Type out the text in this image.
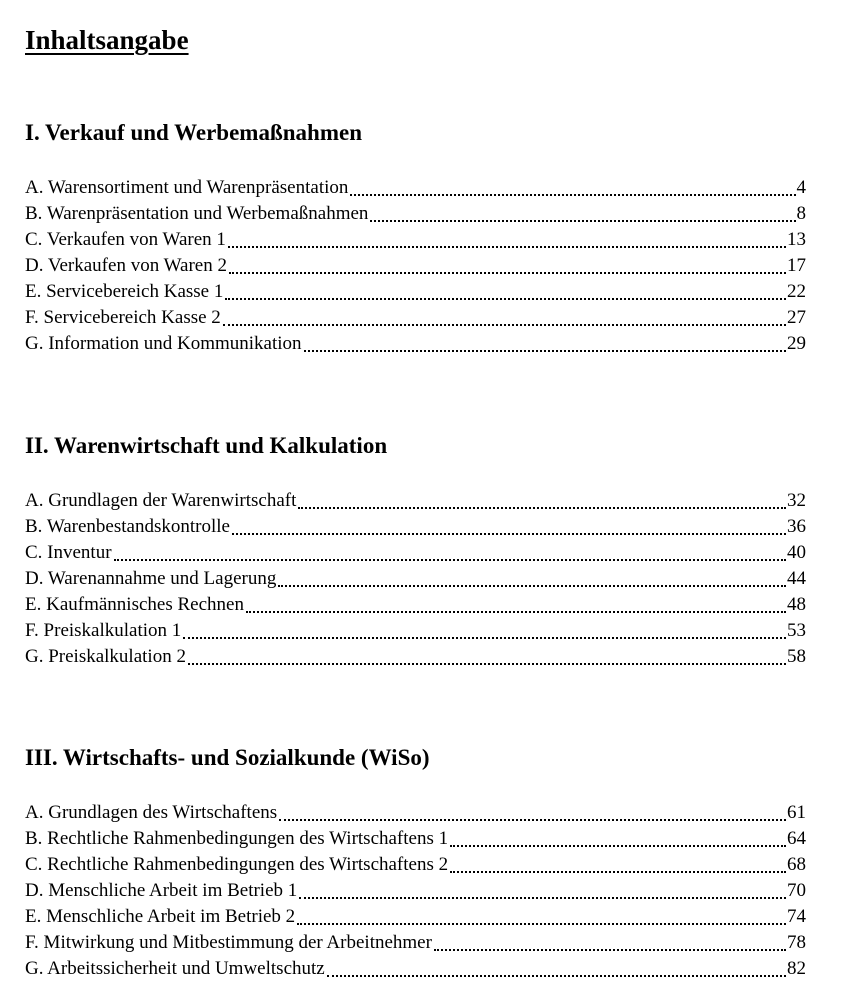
Inhaltsangabe
I. Verkauf und Werbemaßnahmen
A. Warensortiment und Warenpräsentation	4
B. Warenpräsentation und Werbemaßnahmen	8
C. Verkaufen von Waren 1	13
D. Verkaufen von Waren 2	17
E. Servicebereich Kasse 1	22
F. Servicebereich Kasse 2	27
G. Information und Kommunikation	29
II. Warenwirtschaft und Kalkulation
A. Grundlagen der Warenwirtschaft	32
B. Warenbestandskontrolle	36
C. Inventur	40
D. Warenannahme und Lagerung	44
E. Kaufmännisches Rechnen	48
F. Preiskalkulation 1	53
G. Preiskalkulation 2	58
III. Wirtschafts- und Sozialkunde (WiSo)
A. Grundlagen des Wirtschaftens	61
B. Rechtliche Rahmenbedingungen des Wirtschaftens 1	64
C. Rechtliche Rahmenbedingungen des Wirtschaftens 2	68
D. Menschliche Arbeit im Betrieb 1	70
E. Menschliche Arbeit im Betrieb 2	74
F. Mitwirkung und Mitbestimmung der Arbeitnehmer	78
G. Arbeitssicherheit und Umweltschutz	82
